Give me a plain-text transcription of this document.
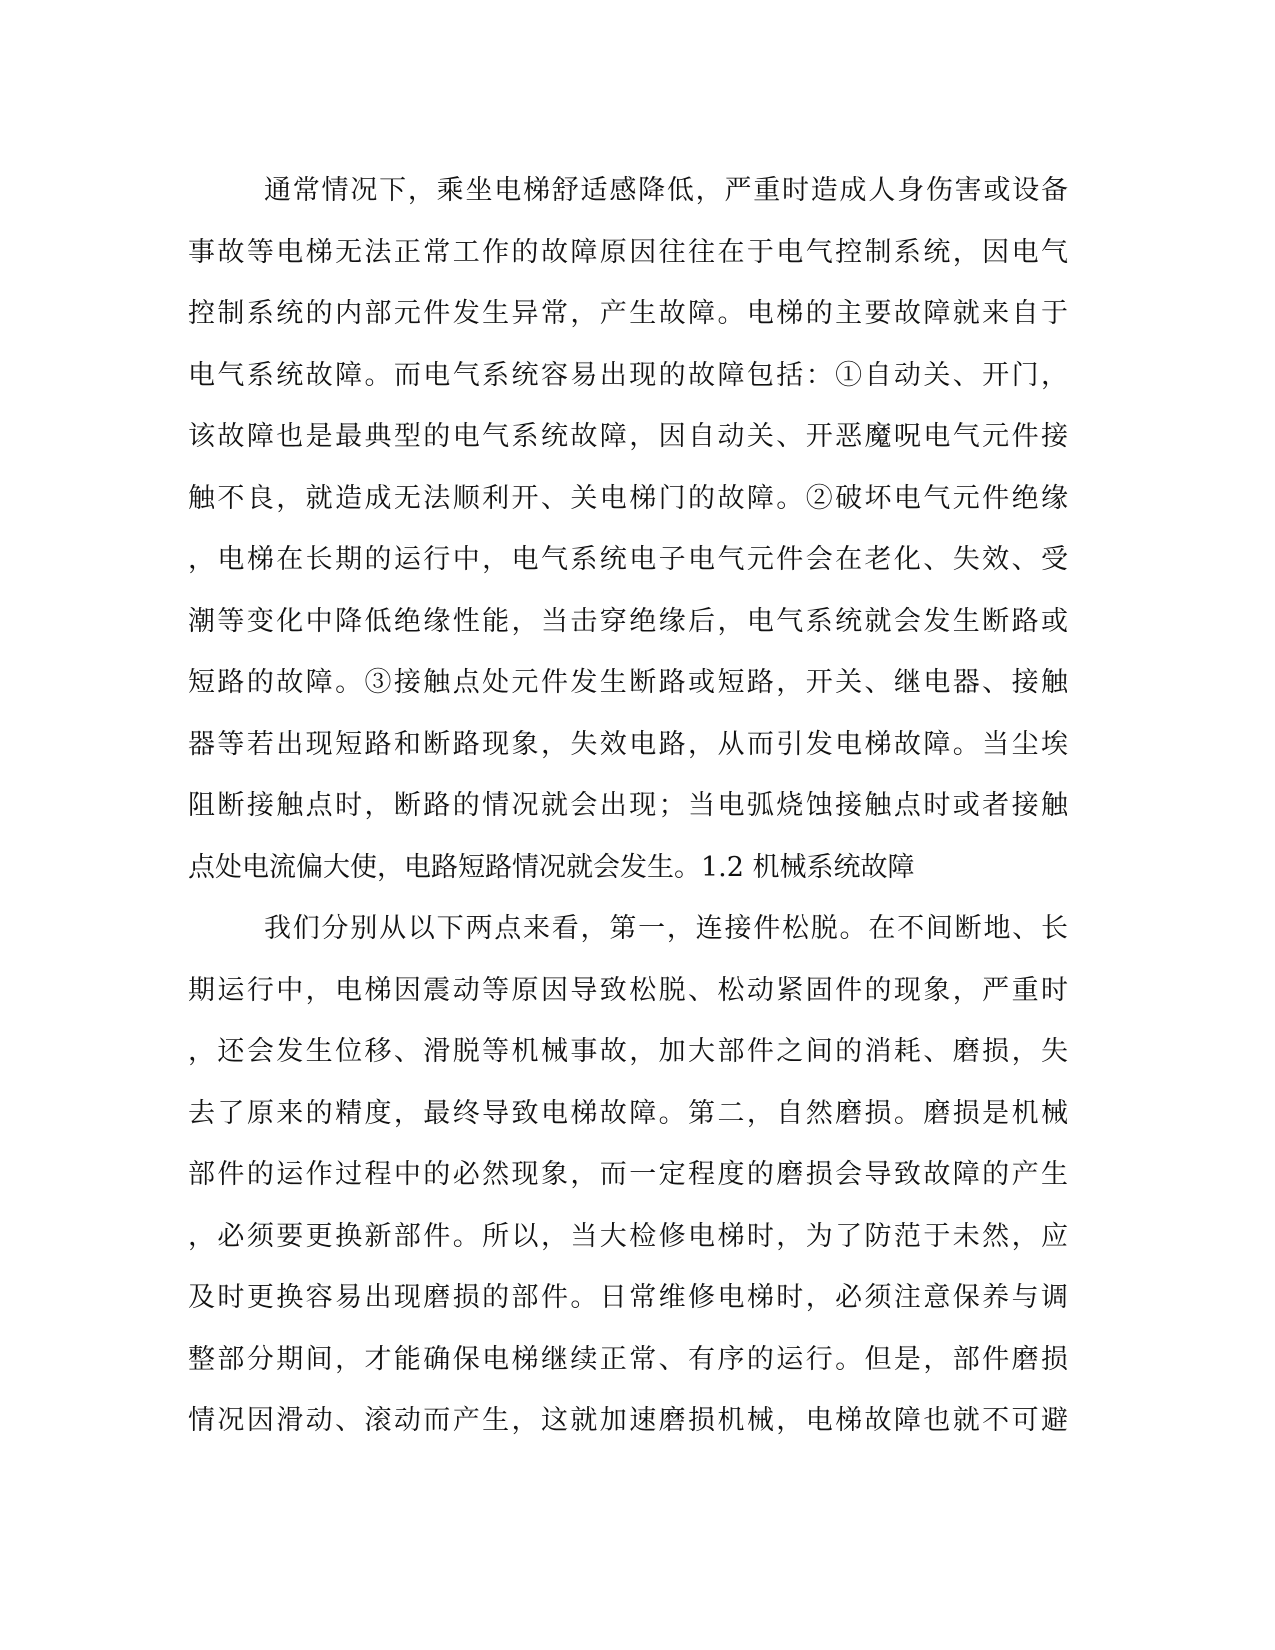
通常情况下，乘坐电梯舒适感降低，严重时造成人身伤害或设备
事故等电梯无法正常工作的故障原因往往在于电气控制系统，因电气
控制系统的内部元件发生异常，产生故障。电梯的主要故障就来自于
电气系统故障。而电气系统容易出现的故障包括：①自动关、开门，
该故障也是最典型的电气系统故障，因自动关、开恶魔呪电气元件接
触不良，就造成无法顺利开、关电梯门的故障。②破坏电气元件绝缘
，电梯在长期的运行中，电气系统电子电气元件会在老化、失效、受
潮等变化中降低绝缘性能，当击穿绝缘后，电气系统就会发生断路或
短路的故障。③接触点处元件发生断路或短路，开关、继电器、接触
器等若出现短路和断路现象，失效电路，从而引发电梯故障。当尘埃
阻断接触点时，断路的情况就会出现；当电弧烧蚀接触点时或者接触
点处电流偏大使，电路短路情况就会发生。1.2 机械系统故障
我们分别从以下两点来看，第一，连接件松脱。在不间断地、长
期运行中，电梯因震动等原因导致松脱、松动紧固件的现象，严重时
，还会发生位移、滑脱等机械事故，加大部件之间的消耗、磨损，失
去了原来的精度，最终导致电梯故障。第二，自然磨损。磨损是机械
部件的运作过程中的必然现象，而一定程度的磨损会导致故障的产生
，必须要更换新部件。所以，当大检修电梯时，为了防范于未然，应
及时更换容易出现磨损的部件。日常维修电梯时，必须注意保养与调
整部分期间，才能确保电梯继续正常、有序的运行。但是，部件磨损
情况因滑动、滚动而产生，这就加速磨损机械，电梯故障也就不可避
